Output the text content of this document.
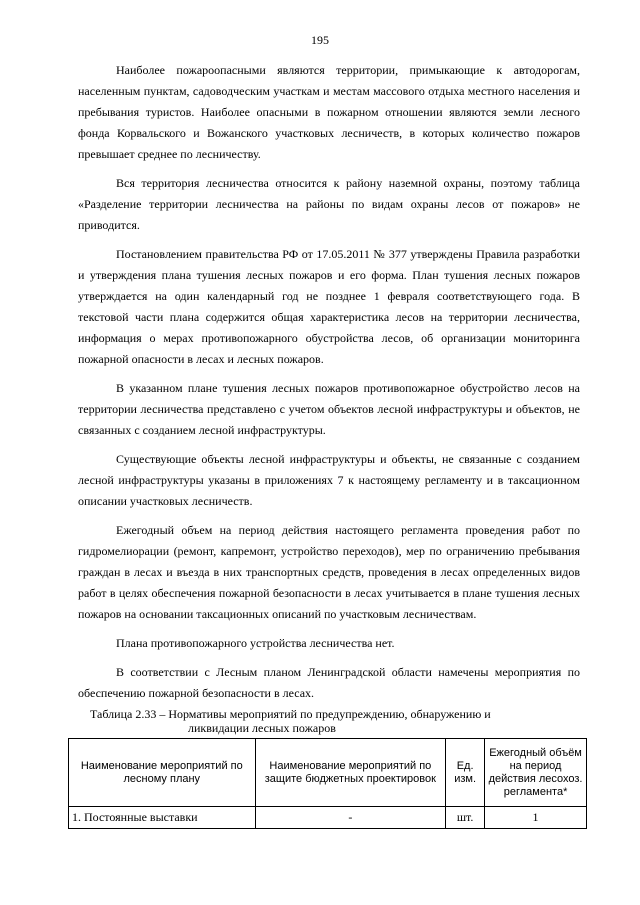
195

Наиболее пожароопасными являются территории, примыкающие к автодорогам, населенным пунктам, садоводческим участкам и местам массового отдыха местного населения и пребывания туристов. Наиболее опасными в пожарном отношении являются земли лесного фонда Корвальского и Вожанского участковых лесничеств, в которых количество пожаров превышает среднее по лесничеству.

Вся территория лесничества относится к району наземной охраны, поэтому таблица «Разделение территории лесничества на районы по видам охраны лесов от пожаров» не приводится.

Постановлением правительства РФ от 17.05.2011 № 377 утверждены Правила разработки и утверждения плана тушения лесных пожаров и его форма. План тушения лесных пожаров утверждается на один календарный год не позднее 1 февраля соответствующего года. В текстовой части плана содержится общая характеристика лесов на территории лесничества, информация о мерах противопожарного обустройства лесов, об организации мониторинга пожарной опасности в лесах и лесных пожаров.

В указанном плане тушения лесных пожаров противопожарное обустройство лесов на территории лесничества представлено с учетом объектов лесной инфраструктуры и объектов, не связанных с созданием лесной инфраструктуры.

Существующие объекты лесной инфраструктуры и объекты, не связанные с созданием лесной инфраструктуры указаны в приложениях 7 к настоящему регламенту и в таксационном описании участковых лесничеств.

Ежегодный объем на период действия настоящего регламента проведения работ по гидромелиорации (ремонт, капремонт, устройство переходов), мер по ограничению пребывания граждан в лесах и въезда в них транспортных средств, проведения в лесах определенных видов работ в целях обеспечения пожарной безопасности в лесах учитывается в плане тушения лесных пожаров на основании таксационных описаний по участковым лесничествам.

Плана противопожарного устройства лесничества нет.

В соответствии с Лесным планом Ленинградской области намечены мероприятия по обеспечению пожарной безопасности в лесах.

Таблица 2.33 – Нормативы мероприятий по предупреждению, обнаружению и
ликвидации лесных пожаров
Наименование мероприятий по лесному плану	Наименование мероприятий по защите бюджетных проектировок	Ед. изм.	Ежегодный объём на период действия лесохоз. регламента*
1. Постоянные выставки	-	шт.	1
